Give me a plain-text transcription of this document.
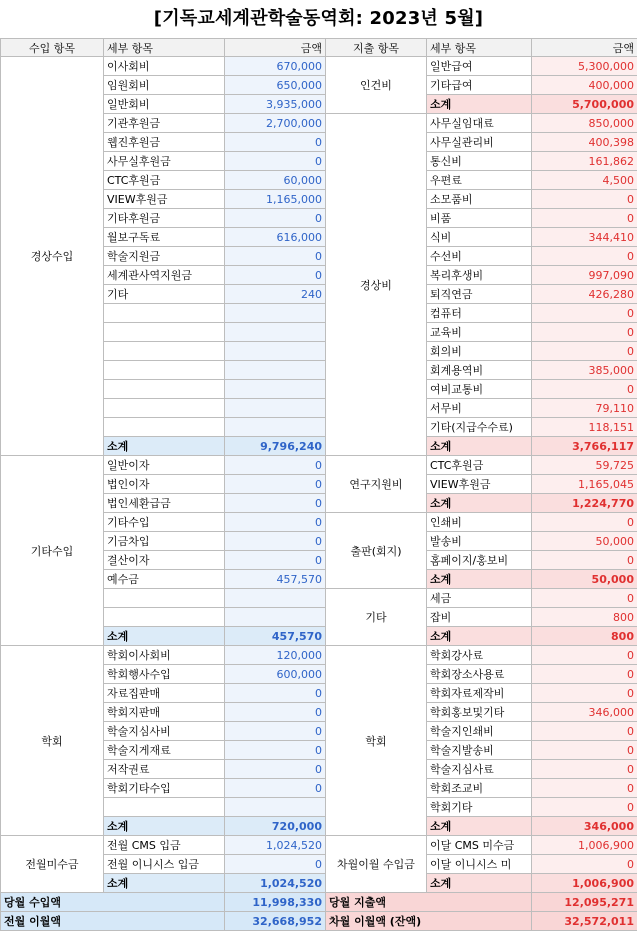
[기독교세계관학술동역회: 2023년 5월]
수입 항목	세부 항목	금액	지출 항목	세부 항목	금액
경상수입	이사회비	670,000	인건비	일반급여	5,300,000
	임원회비	650,000		기타급여	400,000
	일반회비	3,935,000		소계	5,700,000
	기관후원금	2,700,000	경상비	사무실임대료	850,000
	웹진후원금	0		사무실관리비	400,398
	사무실후원금	0		통신비	161,862
	CTC후원금	60,000		우편료	4,500
	VIEW후원금	1,165,000		소모품비	0
	기타후원금	0		비품	0
	월보구독료	616,000		식비	344,410
	학술지원금	0		수선비	0
	세계관사역지원금	0		복리후생비	997,090
	기타	240		퇴직연금	426,280
				컴퓨터	0
				교육비	0
				회의비	0
				회계용역비	385,000
				여비교통비	0
				서무비	79,110
				기타(지급수수료)	118,151
	소계	9,796,240		소계	3,766,117
기타수입	일반이자	0	연구지원비	CTC후원금	59,725
	법인이자	0		VIEW후원금	1,165,045
	법인세환급금	0		소계	1,224,770
	기타수입	0	출판(회지)	인쇄비	0
	기금차입	0		발송비	50,000
	결산이자	0		홈페이지/홍보비	0
	예수금	457,570		소계	50,000
			기타	세금	0
				잡비	800
	소계	457,570		소계	800
학회	학회이사회비	120,000	학회	학회강사료	0
	학회행사수입	600,000		학회장소사용료	0
	자료집판매	0		학회자료제작비	0
	학회지판매	0		학회홍보및기타	346,000
	학술지심사비	0		학술지인쇄비	0
	학술지게재료	0		학술지발송비	0
	저작권료	0		학술지심사료	0
	학회기타수입	0		학회조교비	0
				학회기타	0
	소계	720,000		소계	346,000
전월미수금	전월 CMS 입금	1,024,520	차월이월 수입금	이달 CMS 미수금	1,006,900
	전월 이니시스 입금	0		이달 이니시스 미	0
	소계	1,024,520		소계	1,006,900
당월 수입액		11,998,330	당월 지출액		12,095,271
전월 이월액		32,668,952	차월 이월액 (잔액)		32,572,011
